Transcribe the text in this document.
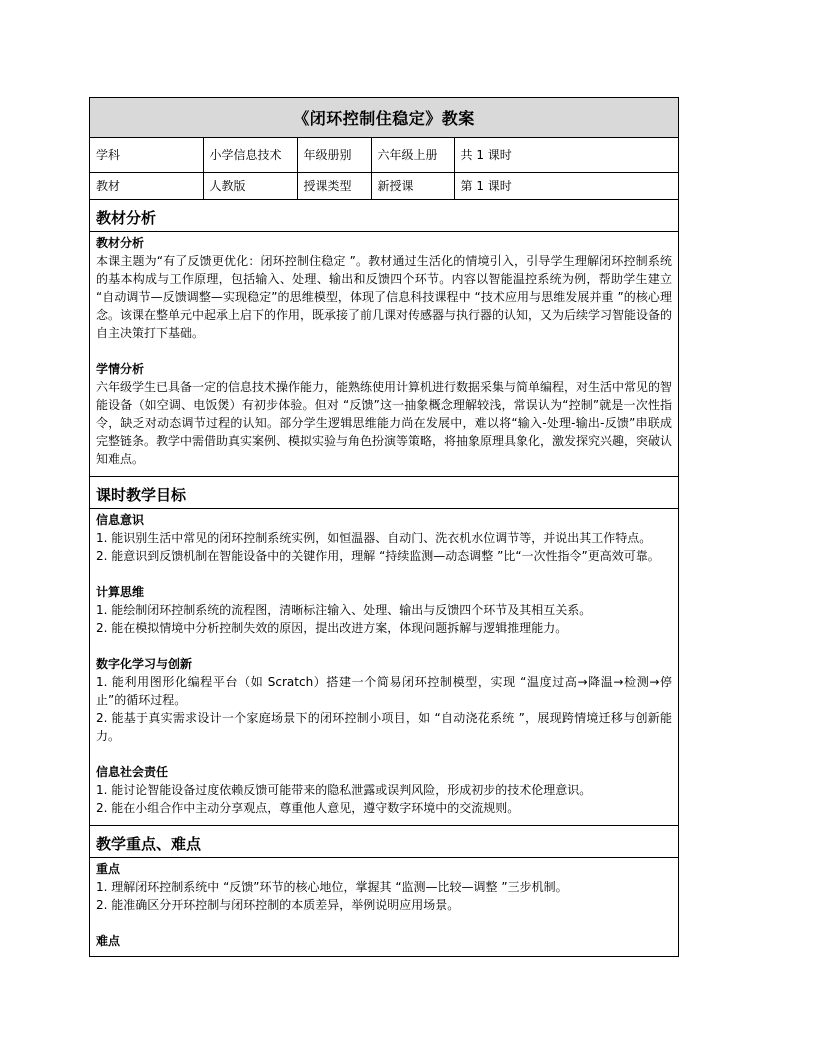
《闭环控制住稳定》教案
学科	小学信息技术	年级册别	六年级上册	共 1 课时
教材	人教版	授课类型	新授课	第 1 课时
教材分析
教材分析
本课主题为“有了反馈更优化：闭环控制住稳定 ”。教材通过生活化的情境引入，引导学生理解闭环控制系统的基本构成与工作原理，包括输入、处理、输出和反馈四个环节。内容以智能温控系统为例，帮助学生建立 “自动调节—反馈调整—实现稳定”的思维模型，体现了信息科技课程中 “技术应用与思维发展并重 ”的核心理念。该课在整单元中起承上启下的作用，既承接了前几课对传感器与执行器的认知，又为后续学习智能设备的自主决策打下基础。
学情分析
六年级学生已具备一定的信息技术操作能力，能熟练使用计算机进行数据采集与简单编程，对生活中常见的智能设备（如空调、电饭煲）有初步体验。但对 “反馈”这一抽象概念理解较浅，常误认为“控制”就是一次性指令，缺乏对动态调节过程的认知。部分学生逻辑思维能力尚在发展中，难以将“输入-处理-输出-反馈”串联成完整链条。教学中需借助真实案例、模拟实验与角色扮演等策略，将抽象原理具象化，激发探究兴趣，突破认知难点。
课时教学目标
信息意识
1. 能识别生活中常见的闭环控制系统实例，如恒温器、自动门、洗衣机水位调节等，并说出其工作特点。
2. 能意识到反馈机制在智能设备中的关键作用，理解 “持续监测—动态调整 ”比“一次性指令”更高效可靠。
计算思维
1. 能绘制闭环控制系统的流程图，清晰标注输入、处理、输出与反馈四个环节及其相互关系。
2. 能在模拟情境中分析控制失效的原因，提出改进方案，体现问题拆解与逻辑推理能力。
数字化学习与创新
1. 能利用图形化编程平台（如 Scratch）搭建一个简易闭环控制模型，实现 “温度过高→降温→检测→停止”的循环过程。
2. 能基于真实需求设计一个家庭场景下的闭环控制小项目，如 “自动浇花系统 ”，展现跨情境迁移与创新能力。
信息社会责任
1. 能讨论智能设备过度依赖反馈可能带来的隐私泄露或误判风险，形成初步的技术伦理意识。
2. 能在小组合作中主动分享观点，尊重他人意见，遵守数字环境中的交流规则。
教学重点、难点
重点
1. 理解闭环控制系统中 “反馈”环节的核心地位，掌握其 “监测—比较—调整 ”三步机制。
2. 能准确区分开环控制与闭环控制的本质差异，举例说明应用场景。
难点
